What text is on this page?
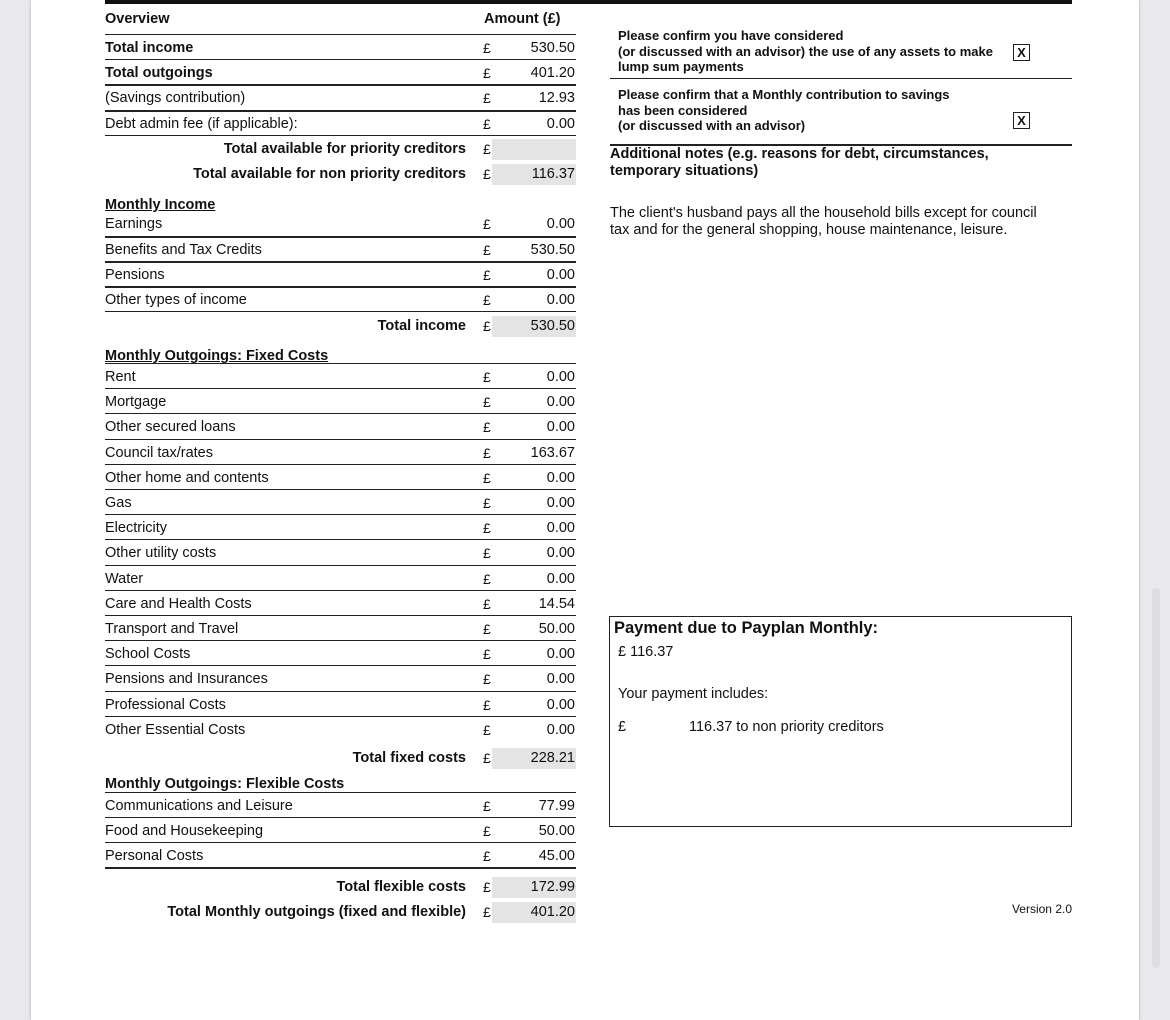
Overview	Amount (£)
Total income	£	530.50
Total outgoings	£	401.20
(Savings contribution)	£	12.93
Debt admin fee (if applicable):	£	0.00
Total available for priority creditors £
Total available for non priority creditors £	116.37
Monthly Income
Earnings	£	0.00
Benefits and Tax Credits	£	530.50
Pensions	£	0.00
Other types of income	£	0.00
Total income £	530.50
Monthly Outgoings: Fixed Costs
Rent	£	0.00
Mortgage	£	0.00
Other secured loans	£	0.00
Council tax/rates	£	163.67
Other home and contents	£	0.00
Gas	£	0.00
Electricity	£	0.00
Other utility costs	£	0.00
Water	£	0.00
Care and Health Costs	£	14.54
Transport and Travel	£	50.00
School Costs	£	0.00
Pensions and Insurances	£	0.00
Professional Costs	£	0.00
Other Essential Costs	£	0.00
Total fixed costs £	228.21
Monthly Outgoings: Flexible Costs
Communications and Leisure	£	77.99
Food and Housekeeping	£	50.00
Personal Costs	£	45.00
Total flexible costs £	172.99
Total Monthly outgoings (fixed and flexible) £	401.20
Please confirm you have considered
(or discussed with an advisor) the use of any assets to make
lump sum payments
X
Please confirm that a Monthly contribution to savings
has been considered
(or discussed with an advisor)	X
Additional notes (e.g. reasons for debt, circumstances, temporary situations)
The client's husband pays all the household bills except for council tax and for the general shopping, house maintenance, leisure.
Payment due to Payplan Monthly:
£ 116.37
Your payment includes:
£	116.37 to non priority creditors
Version 2.0
